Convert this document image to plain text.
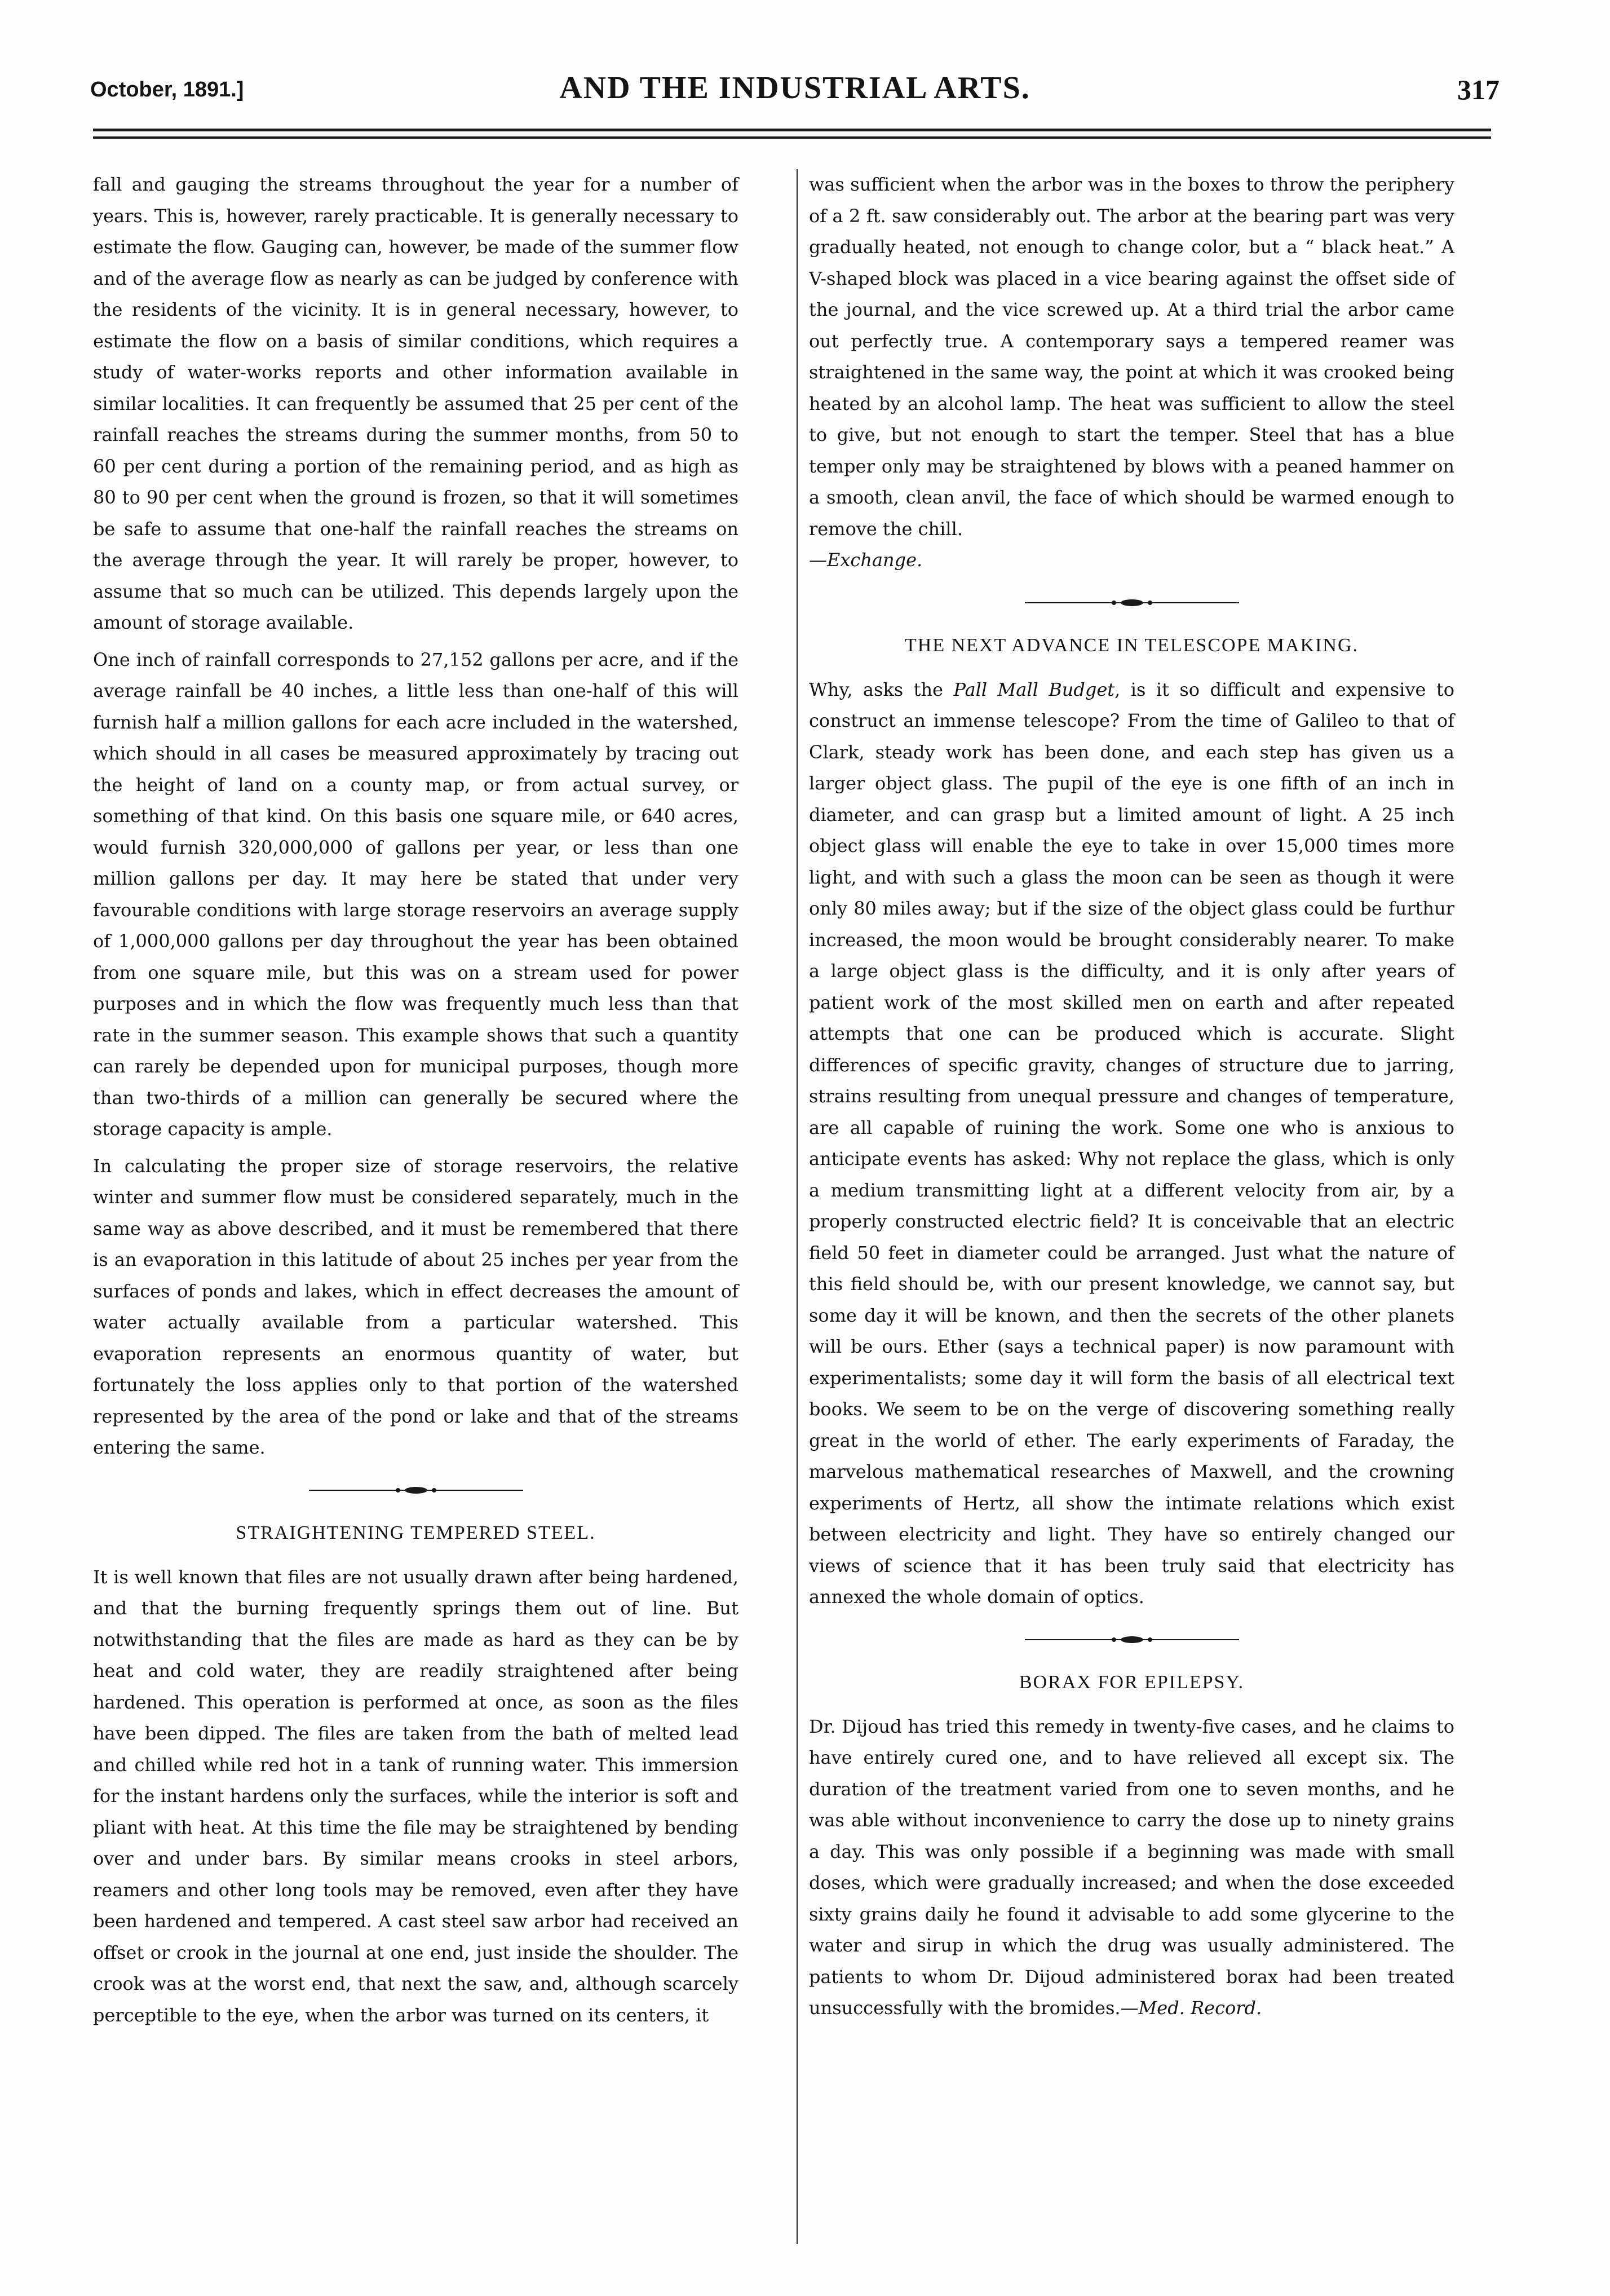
October, 1891.]	AND THE INDUSTRIAL ARTS.	317

fall and gauging the streams throughout the year for a number of years. This is, however, rarely practicable. It is generally necessary to estimate the flow. Gauging can, however, be made of the summer flow and of the average flow as nearly as can be judged by conference with the residents of the vicinity. It is in general necessary, however, to estimate the flow on a basis of similar conditions, which requires a study of water-works reports and other information available in similar localities. It can frequently be assumed that 25 per cent of the rainfall reaches the streams during the summer months, from 50 to 60 per cent during a portion of the remaining period, and as high as 80 to 90 per cent when the ground is frozen, so that it will sometimes be safe to assume that one-half the rainfall reaches the streams on the average through the year. It will rarely be proper, however, to assume that so much can be utilized. This depends largely upon the amount of storage available.

One inch of rainfall corresponds to 27,152 gallons per acre, and if the average rainfall be 40 inches, a little less than one-half of this will furnish half a million gallons for each acre included in the watershed, which should in all cases be measured approximately by tracing out the height of land on a county map, or from actual survey, or something of that kind. On this basis one square mile, or 640 acres, would furnish 320,000,000 of gallons per year, or less than one million gallons per day. It may here be stated that under very favourable conditions with large storage reservoirs an average supply of 1,000,000 gallons per day throughout the year has been obtained from one square mile, but this was on a stream used for power purposes and in which the flow was frequently much less than that rate in the summer season. This example shows that such a quantity can rarely be depended upon for municipal purposes, though more than two-thirds of a million can generally be secured where the storage capacity is ample.

In calculating the proper size of storage reservoirs, the relative winter and summer flow must be considered separately, much in the same way as above described, and it must be remembered that there is an evaporation in this latitude of about 25 inches per year from the surfaces of ponds and lakes, which in effect decreases the amount of water actually available from a particular watershed. This evaporation represents an enormous quantity of water, but fortunately the loss applies only to that portion of the watershed represented by the area of the pond or lake and that of the streams entering the same.

STRAIGHTENING TEMPERED STEEL.

It is well known that files are not usually drawn after being hardened, and that the burning frequently springs them out of line. But notwithstanding that the files are made as hard as they can be by heat and cold water, they are readily straightened after being hardened. This operation is performed at once, as soon as the files have been dipped. The files are taken from the bath of melted lead and chilled while red hot in a tank of running water. This immersion for the instant hardens only the surfaces, while the interior is soft and pliant with heat. At this time the file may be straightened by bending over and under bars. By similar means crooks in steel arbors, reamers and other long tools may be removed, even after they have been hardened and tempered. A cast steel saw arbor had received an offset or crook in the journal at one end, just inside the shoulder. The crook was at the worst end, that next the saw, and, although scarcely perceptible to the eye, when the arbor was turned on its centers, it

was sufficient when the arbor was in the boxes to throw the periphery of a 2 ft. saw considerably out. The arbor at the bearing part was very gradually heated, not enough to change color, but a “ black heat.” A V-shaped block was placed in a vice bearing against the offset side of the journal, and the vice screwed up. At a third trial the arbor came out perfectly true. A contemporary says a tempered reamer was straightened in the same way, the point at which it was crooked being heated by an alcohol lamp. The heat was sufficient to allow the steel to give, but not enough to start the temper. Steel that has a blue temper only may be straightened by blows with a peaned hammer on a smooth, clean anvil, the face of which should be warmed enough to remove the chill.
—Exchange.

THE NEXT ADVANCE IN TELESCOPE MAKING.

Why, asks the Pall Mall Budget, is it so difficult and expensive to construct an immense telescope? From the time of Galileo to that of Clark, steady work has been done, and each step has given us a larger object glass. The pupil of the eye is one fifth of an inch in diameter, and can grasp but a limited amount of light. A 25 inch object glass will enable the eye to take in over 15,000 times more light, and with such a glass the moon can be seen as though it were only 80 miles away; but if the size of the object glass could be furthur increased, the moon would be brought considerably nearer. To make a large object glass is the difficulty, and it is only after years of patient work of the most skilled men on earth and after repeated attempts that one can be produced which is accurate. Slight differences of specific gravity, changes of structure due to jarring, strains resulting from unequal pressure and changes of temperature, are all capable of ruining the work. Some one who is anxious to anticipate events has asked: Why not replace the glass, which is only a medium transmitting light at a different velocity from air, by a properly constructed electric field? It is conceivable that an electric field 50 feet in diameter could be arranged. Just what the nature of this field should be, with our present knowledge, we cannot say, but some day it will be known, and then the secrets of the other planets will be ours. Ether (says a technical paper) is now paramount with experimentalists; some day it will form the basis of all electrical text books. We seem to be on the verge of discovering something really great in the world of ether. The early experiments of Faraday, the marvelous mathematical researches of Maxwell, and the crowning experiments of Hertz, all show the intimate relations which exist between electricity and light. They have so entirely changed our views of science that it has been truly said that electricity has annexed the whole domain of optics.

BORAX FOR EPILEPSY.

Dr. Dijoud has tried this remedy in twenty-five cases, and he claims to have entirely cured one, and to have relieved all except six. The duration of the treatment varied from one to seven months, and he was able without inconvenience to carry the dose up to ninety grains a day. This was only possible if a beginning was made with small doses, which were gradually increased; and when the dose exceeded sixty grains daily he found it advisable to add some glycerine to the water and sirup in which the drug was usually administered. The patients to whom Dr. Dijoud administered borax had been treated unsuccessfully with the bromides.—Med. Record.
